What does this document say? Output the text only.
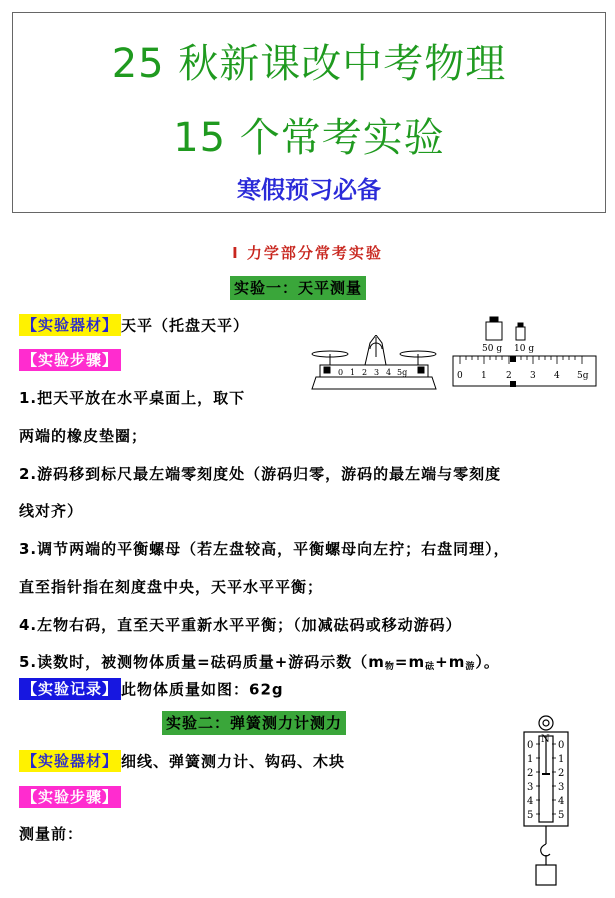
25 秋新课改中考物理
15 个常考实验
寒假预习必备
Ⅰ 力学部分常考实验
实验一：天平测量
【实验器材】 天平（托盘天平）
【实验步骤】
1.把天平放在水平桌面上，取下
两端的橡皮垫圈；
2.游码移到标尺最左端零刻度处（游码归零，游码的最左端与零刻度
线对齐）
3.调节两端的平衡螺母（若左盘较高，平衡螺母向左拧；右盘同理），
直至指针指在刻度盘中央，天平水平平衡；
4.左物右码，直至天平重新水平平衡；（加减砝码或移动游码）
5.读数时，被测物体质量=砝码质量+游码示数$(m_物=m_砝+m_游)$。
【实验记录】 此物体质量如图：62g
0 1 2 3 4 5g
50 g 10 g
0 1 2 3 4 5g
实验二：弹簧测力计测力
【实验器材】 细线、弹簧测力计、钩码、木块
【实验步骤】
测量前：
N
0
1
2
3
4
5
0
1
2
3
4
5
